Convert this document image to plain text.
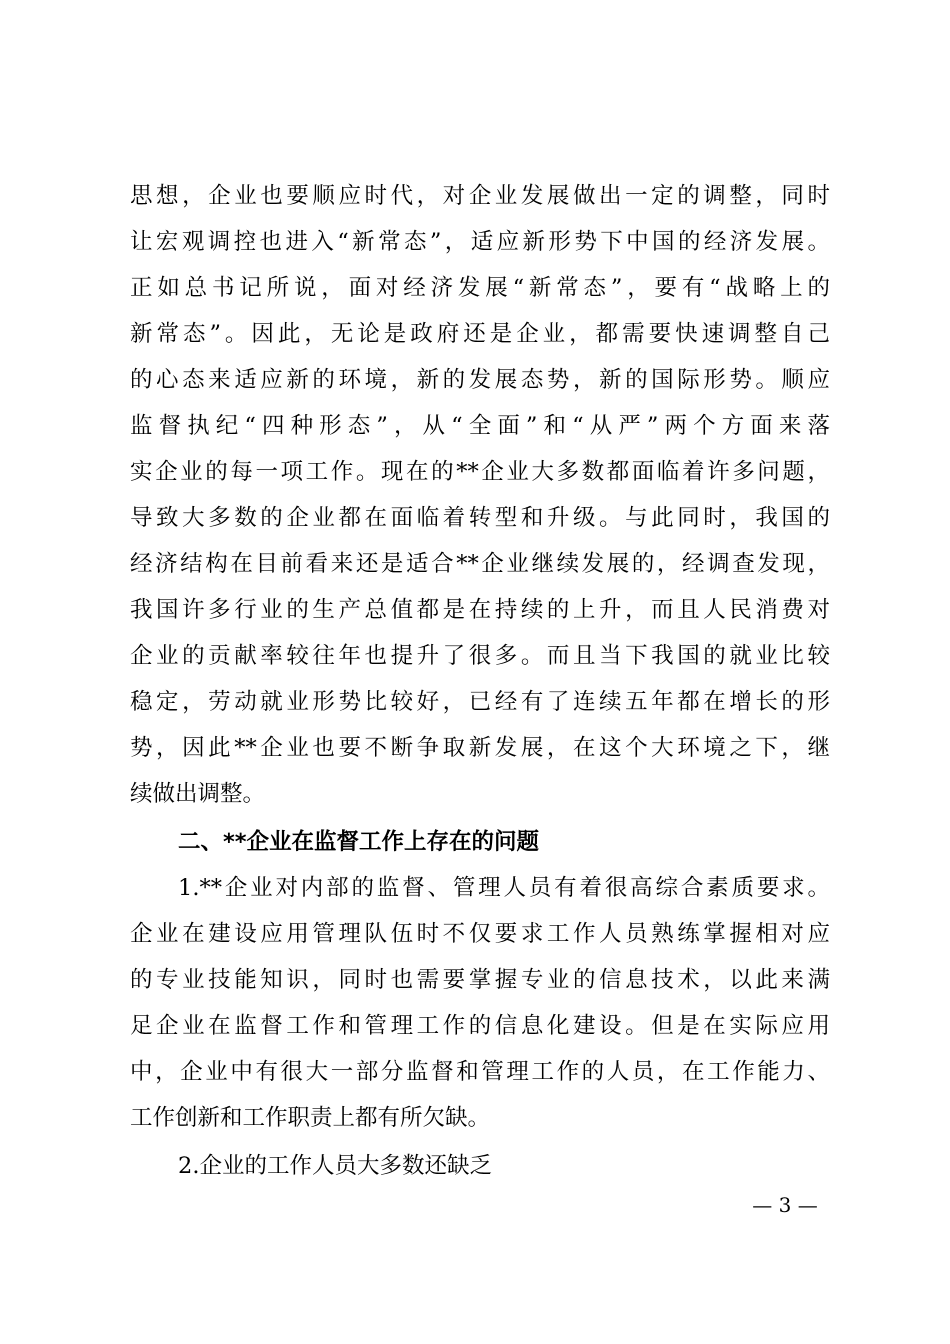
思想，企业也要顺应时代，对企业发展做出一定的调整，同时
让宏观调控也进入“新常态”，适应新形势下中国的经济发展。
正如总书记所说，面对经济发展“新常态”，要有“战略上的
新常态”。因此，无论是政府还是企业，都需要快速调整自己
的心态来适应新的环境，新的发展态势，新的国际形势。顺应
监督执纪“四种形态”，从“全面”和“从严”两个方面来落
实企业的每一项工作。现在的**企业大多数都面临着许多问题，
导致大多数的企业都在面临着转型和升级。与此同时，我国的
经济结构在目前看来还是适合**企业继续发展的，经调查发现，
我国许多行业的生产总值都是在持续的上升，而且人民消费对
企业的贡献率较往年也提升了很多。而且当下我国的就业比较
稳定，劳动就业形势比较好，已经有了连续五年都在增长的形
势，因此**企业也要不断争取新发展，在这个大环境之下，继
续做出调整。
二、**企业在监督工作上存在的问题
1.**企业对内部的监督、管理人员有着很高综合素质要求。
企业在建设应用管理队伍时不仅要求工作人员熟练掌握相对应
的专业技能知识，同时也需要掌握专业的信息技术，以此来满
足企业在监督工作和管理工作的信息化建设。但是在实际应用
中，企业中有很大一部分监督和管理工作的人员，在工作能力、
工作创新和工作职责上都有所欠缺。
2.企业的工作人员大多数还缺乏
— 3 —
